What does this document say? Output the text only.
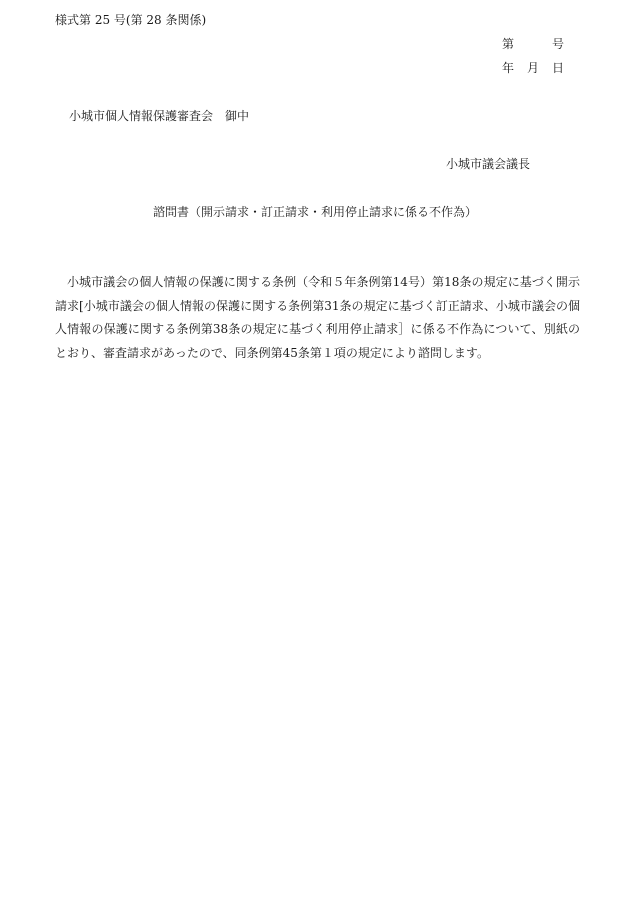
様式第 25 号(第 28 条関係)
第	号
年 月 日
小城市個人情報保護審査会　御中
小城市議会議長
諮問書（開示請求・訂正請求・利用停止請求に係る不作為）

小城市議会の個人情報の保護に関する条例（令和５年条例第14号）第18条の規定に基づく開示請求[小城市議会の個人情報の保護に関する条例第31条の規定に基づく訂正請求、小城市議会の個人情報の保護に関する条例第38条の規定に基づく利用停止請求］に係る不作為について、別紙のとおり、審査請求があったので、同条例第45条第１項の規定により諮問します。
